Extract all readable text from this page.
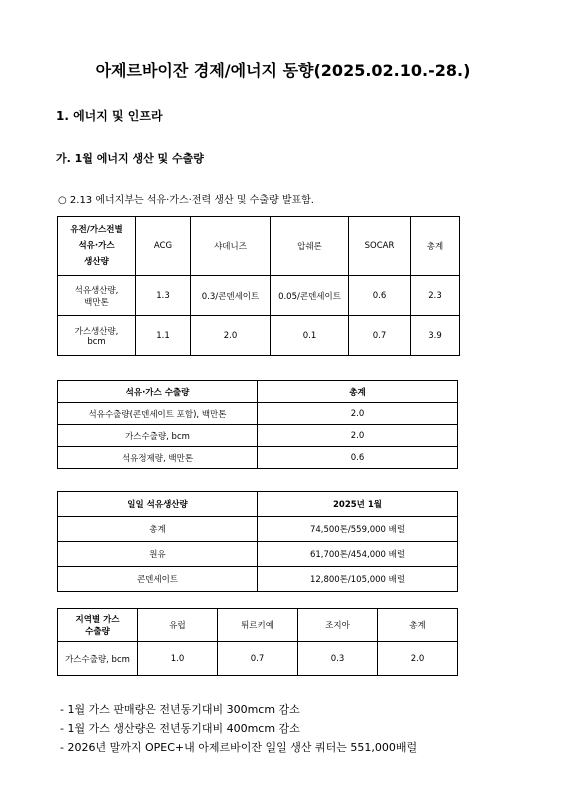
아제르바이잔 경제/에너지 동향(2025.02.10.-28.)
1. 에너지 및 인프라
가. 1월 에너지 생산 및 수출량
○ 2.13 에너지부는 석유·가스·전력 생산 및 수출량 발표함.
유전/가스전별
석유·가스
생산량	ACG	샤데니즈	압쉐론	SOCAR	총계

석유생산량,
백만톤	1.3	0.3/콘덴세이트	0.05/콘덴세이트	0.6	2.3

가스생산량,
bcm	1.1	2.0	0.1	0.7	3.9
석유·가스 수출량	총계
석유수출량(콘덴세이트 포함), 백만톤	2.0
가스수출량, bcm	2.0
석유정제량, 백만톤	0.6
일일 석유생산량	2025년 1월
총계	74,500톤/559,000 배럴
원유	61,700톤/454,000 배럴
콘덴세이트	12,800톤/105,000 배럴
지역별 가스
수출량	유럽	튀르키예	조지아	총계
가스수출량, bcm	1.0	0.7	0.3	2.0
- 1월 가스 판매량은 전년동기대비 300mcm 감소
- 1월 가스 생산량은 전년동기대비 400mcm 감소
- 2026년 말까지 OPEC+내 아제르바이잔 일일 생산 쿼터는 551,000배럴
